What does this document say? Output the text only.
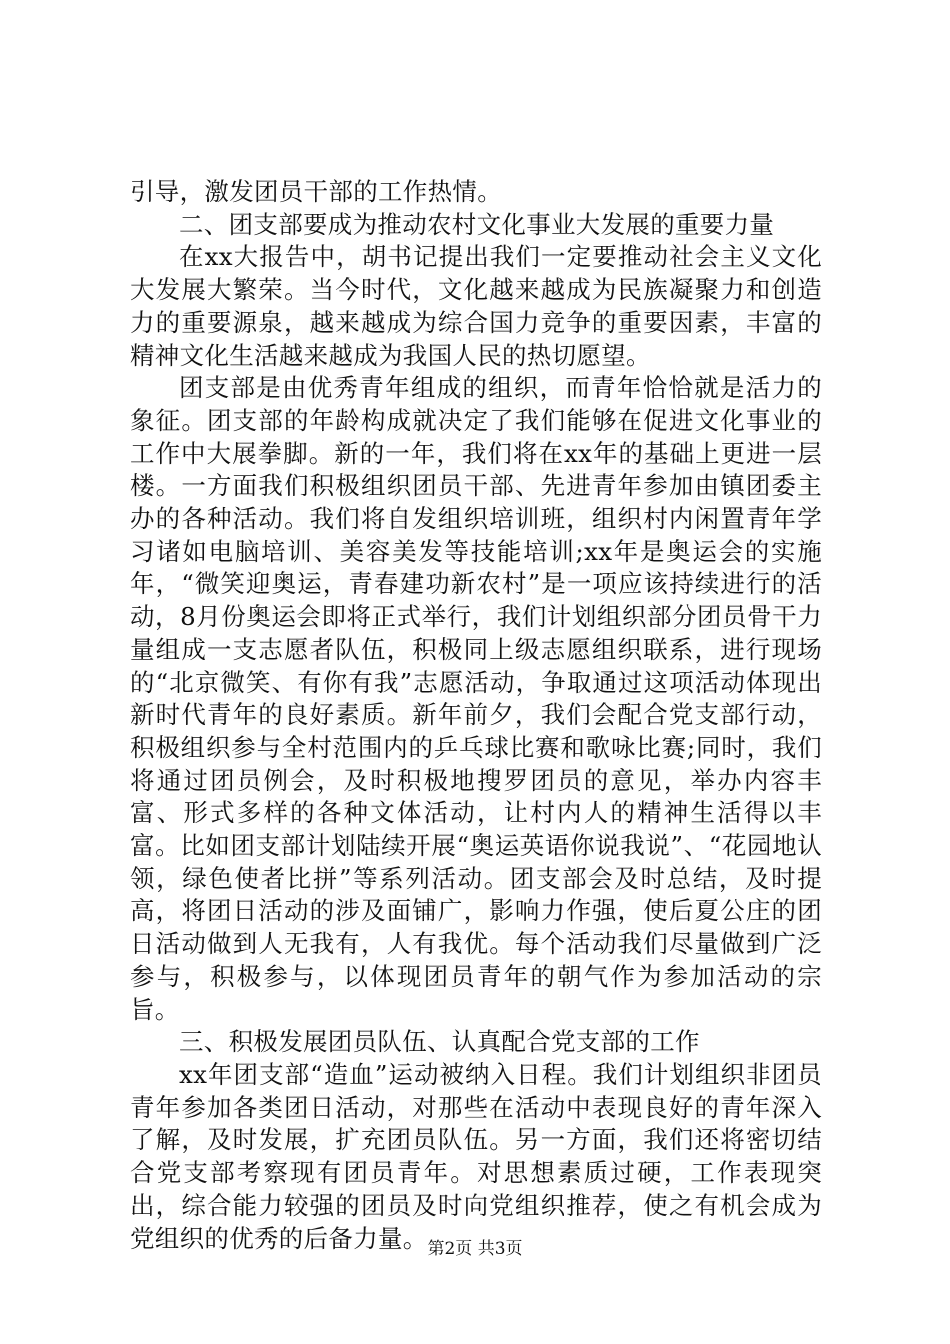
引导，激发团员干部的工作热情。

二、团支部要成为推动农村文化事业大发展的重要力量

在xx大报告中，胡书记提出我们一定要推动社会主义文化大发展大繁荣。当今时代，文化越来越成为民族凝聚力和创造力的重要源泉，越来越成为综合国力竞争的重要因素，丰富的精神文化生活越来越成为我国人民的热切愿望。

团支部是由优秀青年组成的组织，而青年恰恰就是活力的象征。团支部的年龄构成就决定了我们能够在促进文化事业的工作中大展拳脚。新的一年，我们将在xx年的基础上更进一层楼。一方面我们积极组织团员干部、先进青年参加由镇团委主办的各种活动。我们将自发组织培训班，组织村内闲置青年学习诸如电脑培训、美容美发等技能培训;xx年是奥运会的实施年，“微笑迎奥运，青春建功新农村”是一项应该持续进行的活动，8月份奥运会即将正式举行，我们计划组织部分团员骨干力量组成一支志愿者队伍，积极同上级志愿组织联系，进行现场的“北京微笑、有你有我”志愿活动，争取通过这项活动体现出新时代青年的良好素质。新年前夕，我们会配合党支部行动，积极组织参与全村范围内的乒乓球比赛和歌咏比赛;同时，我们将通过团员例会，及时积极地搜罗团员的意见，举办内容丰富、形式多样的各种文体活动，让村内人的精神生活得以丰富。比如团支部计划陆续开展“奥运英语你说我说”、“花园地认领，绿色使者比拼”等系列活动。团支部会及时总结，及时提高，将团日活动的涉及面铺广，影响力作强，使后夏公庄的团日活动做到人无我有，人有我优。每个活动我们尽量做到广泛参与，积极参与，以体现团员青年的朝气作为参加活动的宗旨。

三、积极发展团员队伍、认真配合党支部的工作

xx年团支部“造血”运动被纳入日程。我们计划组织非团员青年参加各类团日活动，对那些在活动中表现良好的青年深入了解，及时发展，扩充团员队伍。另一方面，我们还将密切结合党支部考察现有团员青年。对思想素质过硬，工作表现突出，综合能力较强的团员及时向党组织推荐，使之有机会成为党组织的优秀的后备力量。 第2页 共3页
